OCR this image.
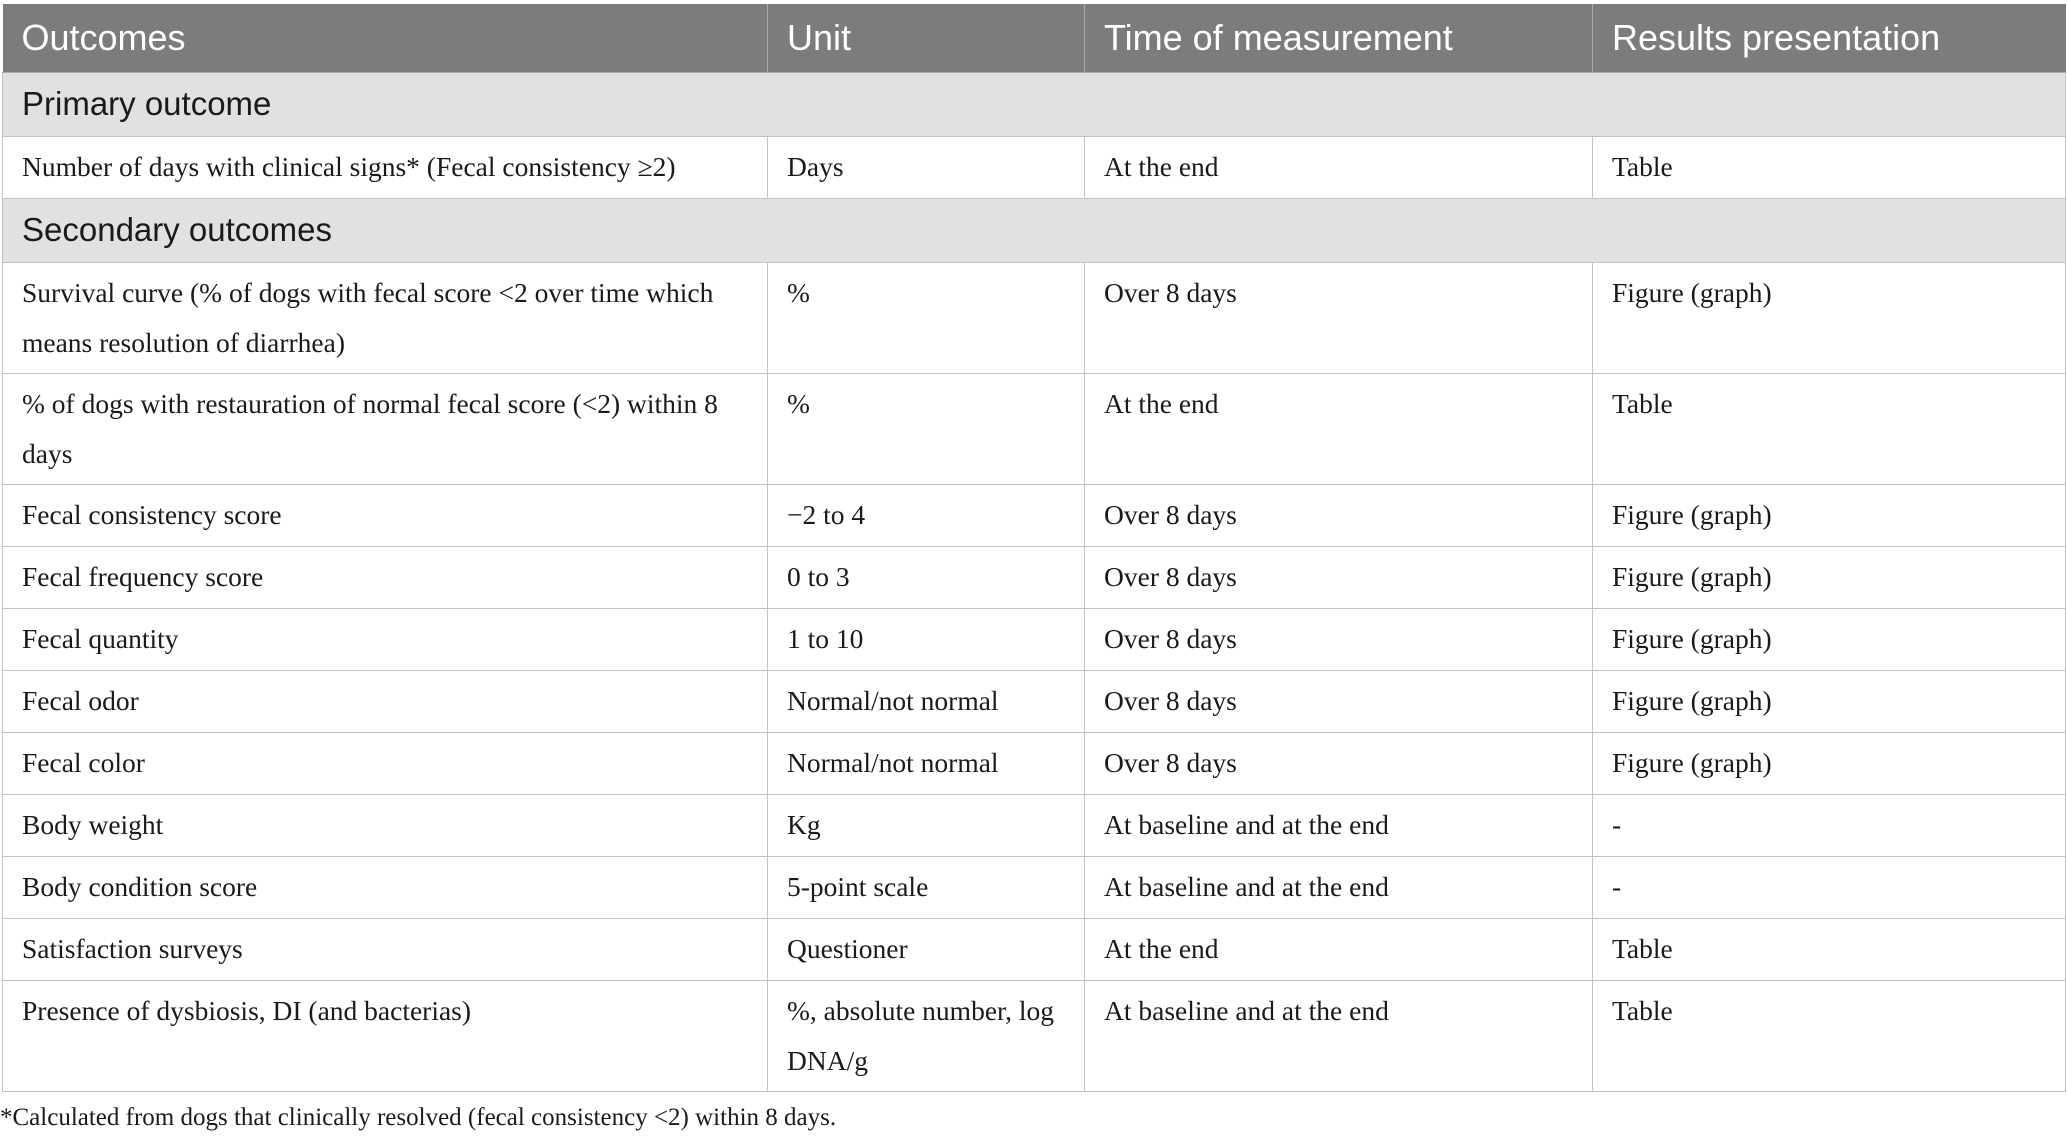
Outcomes	Unit	Time of measurement	Results presentation
Primary outcome			
Number of days with clinical signs* (Fecal consistency ≥2)	Days	At the end	Table
Secondary outcomes			
Survival curve (% of dogs with fecal score <2 over time which means resolution of diarrhea)	%	Over 8 days	Figure (graph)
% of dogs with restauration of normal fecal score (<2) within 8 days	%	At the end	Table
Fecal consistency score	−2 to 4	Over 8 days	Figure (graph)
Fecal frequency score	0 to 3	Over 8 days	Figure (graph)
Fecal quantity	1 to 10	Over 8 days	Figure (graph)
Fecal odor	Normal/not normal	Over 8 days	Figure (graph)
Fecal color	Normal/not normal	Over 8 days	Figure (graph)
Body weight	Kg	At baseline and at the end	-
Body condition score	5-point scale	At baseline and at the end	-
Satisfaction surveys	Questioner	At the end	Table
Presence of dysbiosis, DI (and bacterias)	%, absolute number, log DNA/g	At baseline and at the end	Table
*Calculated from dogs that clinically resolved (fecal consistency <2) within 8 days.
